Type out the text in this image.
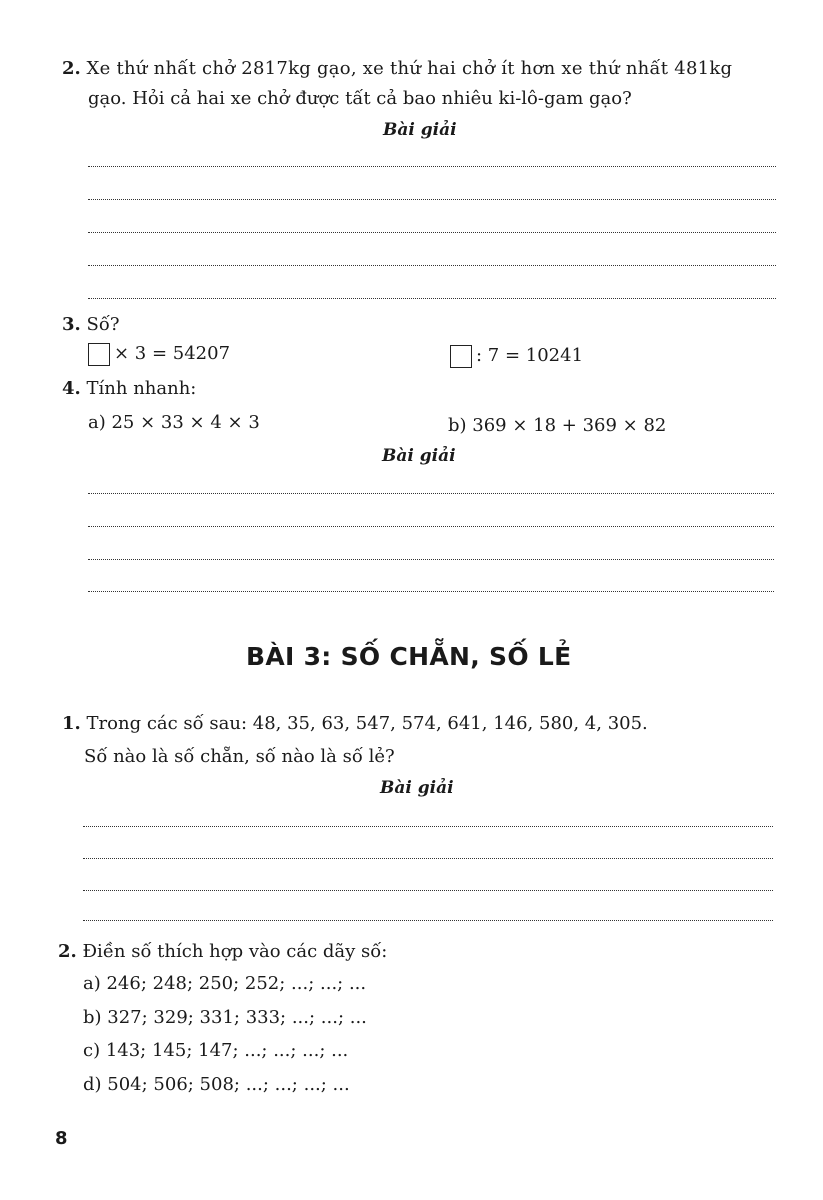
2. Xe thứ nhất chở 2817kg gạo, xe thứ hai chở ít hơn xe thứ nhất 481kg
gạo. Hỏi cả hai xe chở được tất cả bao nhiêu ki-lô-gam gạo?
Bài giải
3. Số?
× 3 = 54207	: 7 = 10241
4. Tính nhanh:
a) 25 × 33 × 4 × 3	b) 369 × 18 + 369 × 82
Bài giải
BÀI 3: SỐ CHẴN, SỐ LẺ
1. Trong các số sau: 48, 35, 63, 547, 574, 641, 146, 580, 4, 305.
Số nào là số chẵn, số nào là số lẻ?
Bài giải
2. Điền số thích hợp vào các dãy số:
a) 246; 248; 250; 252; ...; ...; ...
b) 327; 329; 331; 333; ...; ...; ...
c) 143; 145; 147; ...; ...; ...; ...
d) 504; 506; 508; ...; ...; ...; ...
8
